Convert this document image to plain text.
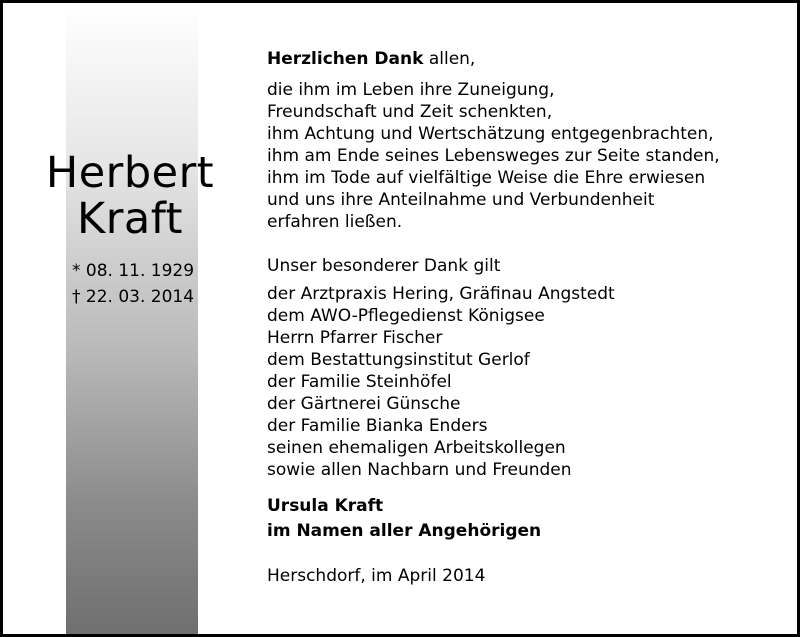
Herbert
Kraft
* 08. 11. 1929
† 22. 03. 2014
Herzlichen Dank allen,
die ihm im Leben ihre Zuneigung,
Freundschaft und Zeit schenkten,
ihm Achtung und Wertschätzung entgegenbrachten,
ihm am Ende seines Lebensweges zur Seite standen,
ihm im Tode auf vielfältige Weise die Ehre erwiesen
und uns ihre Anteilnahme und Verbundenheit
erfahren ließen.
Unser besonderer Dank gilt
der Arztpraxis Hering, Gräfinau Angstedt
dem AWO-Pflegedienst Königsee
Herrn Pfarrer Fischer
dem Bestattungsinstitut Gerlof
der Familie Steinhöfel
der Gärtnerei Günsche
der Familie Bianka Enders
seinen ehemaligen Arbeitskollegen
sowie allen Nachbarn und Freunden
Ursula Kraft
im Namen aller Angehörigen
Herschdorf, im April 2014
